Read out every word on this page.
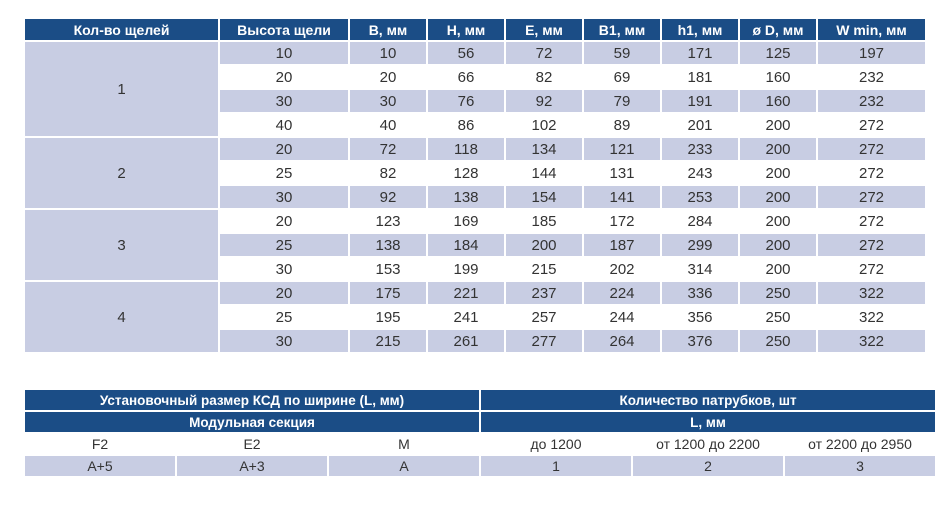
Кол-во щелей	Высота щели	B, мм	H, мм	E, мм	B1, мм	h1, мм	ø D, мм	W min, мм
1	10	10	56	72	59	171	125	197
	20	20	66	82	69	181	160	232
	30	30	76	92	79	191	160	232
	40	40	86	102	89	201	200	272
2	20	72	118	134	121	233	200	272
	25	82	128	144	131	243	200	272
	30	92	138	154	141	253	200	272
3	20	123	169	185	172	284	200	272
	25	138	184	200	187	299	200	272
	30	153	199	215	202	314	200	272
4	20	175	221	237	224	336	250	322
	25	195	241	257	244	356	250	322
	30	215	261	277	264	376	250	322
Установочный размер КСД по ширине (L, мм)			Количество патрубков, шт		
Модульная секция			L, мм		
F2	E2	M	до 1200	от 1200 до 2200	от 2200 до 2950
A+5	A+3	A	1	2	3
